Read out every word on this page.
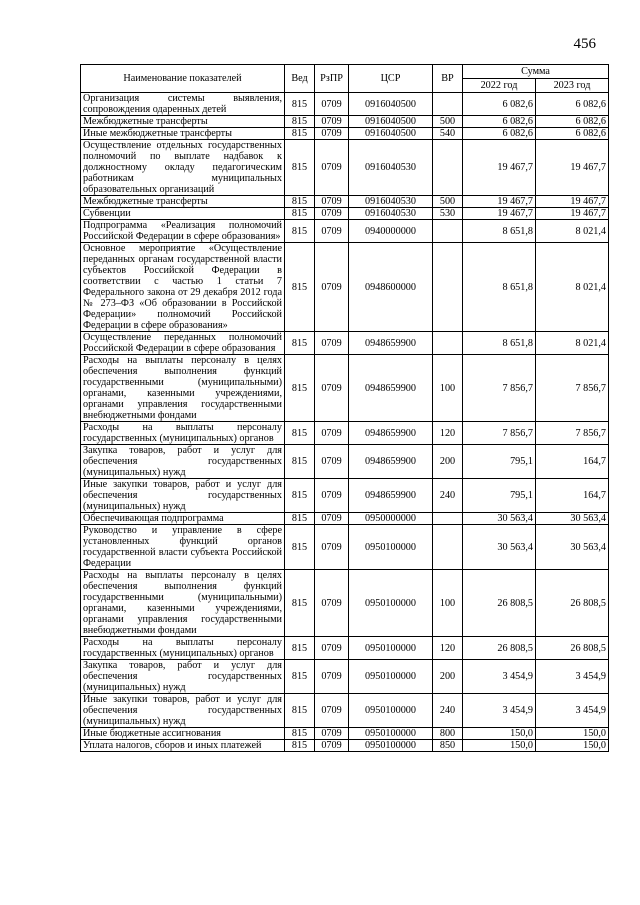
456
Наименование показателей	Вед	РзПР	ЦСР	ВР	Сумма	
					2022 год	2023 год
Организация системы выявления, сопровождения одаренных детей	815	0709	0916040500		6 082,6	6 082,6
Межбюджетные трансферты	815	0709	0916040500	500	6 082,6	6 082,6
Иные межбюджетные трансферты	815	0709	0916040500	540	6 082,6	6 082,6
Осуществление отдельных государственных полномочий по выплате надбавок к должностному окладу педагогическим работникам муниципальных образовательных организаций	815	0709	0916040530		19 467,7	19 467,7
Межбюджетные трансферты	815	0709	0916040530	500	19 467,7	19 467,7
Субвенции	815	0709	0916040530	530	19 467,7	19 467,7
Подпрограмма «Реализация полномочий Российской Федерации в сфере образования»	815	0709	0940000000		8 651,8	8 021,4
Основное мероприятие «Осуществление переданных органам государственной власти субъектов Российской Федерации в соответствии с частью 1 статьи 7 Федерального закона от 29 декабря 2012 года № 273–ФЗ «Об образовании в Российской Федерации» полномочий Российской Федерации в сфере образования»	815	0709	0948600000		8 651,8	8 021,4
Осуществление переданных полномочий Российской Федерации в сфере образования	815	0709	0948659900		8 651,8	8 021,4
Расходы на выплаты персоналу в целях обеспечения выполнения функций государственными (муниципальными) органами, казенными учреждениями, органами управления государственными внебюджетными фондами	815	0709	0948659900	100	7 856,7	7 856,7
Расходы на выплаты персоналу государственных (муниципальных) органов	815	0709	0948659900	120	7 856,7	7 856,7
Закупка товаров, работ и услуг для обеспечения государственных (муниципальных) нужд	815	0709	0948659900	200	795,1	164,7
Иные закупки товаров, работ и услуг для обеспечения государственных (муниципальных) нужд	815	0709	0948659900	240	795,1	164,7
Обеспечивающая подпрограмма	815	0709	0950000000		30 563,4	30 563,4
Руководство и управление в сфере установленных функций органов государственной власти субъекта Российской Федерации	815	0709	0950100000		30 563,4	30 563,4
Расходы на выплаты персоналу в целях обеспечения выполнения функций государственными (муниципальными) органами, казенными учреждениями, органами управления государственными внебюджетными фондами	815	0709	0950100000	100	26 808,5	26 808,5
Расходы на выплаты персоналу государственных (муниципальных) органов	815	0709	0950100000	120	26 808,5	26 808,5
Закупка товаров, работ и услуг для обеспечения государственных (муниципальных) нужд	815	0709	0950100000	200	3 454,9	3 454,9
Иные закупки товаров, работ и услуг для обеспечения государственных (муниципальных) нужд	815	0709	0950100000	240	3 454,9	3 454,9
Иные бюджетные ассигнования	815	0709	0950100000	800	150,0	150,0
Уплата налогов, сборов и иных платежей	815	0709	0950100000	850	150,0	150,0
